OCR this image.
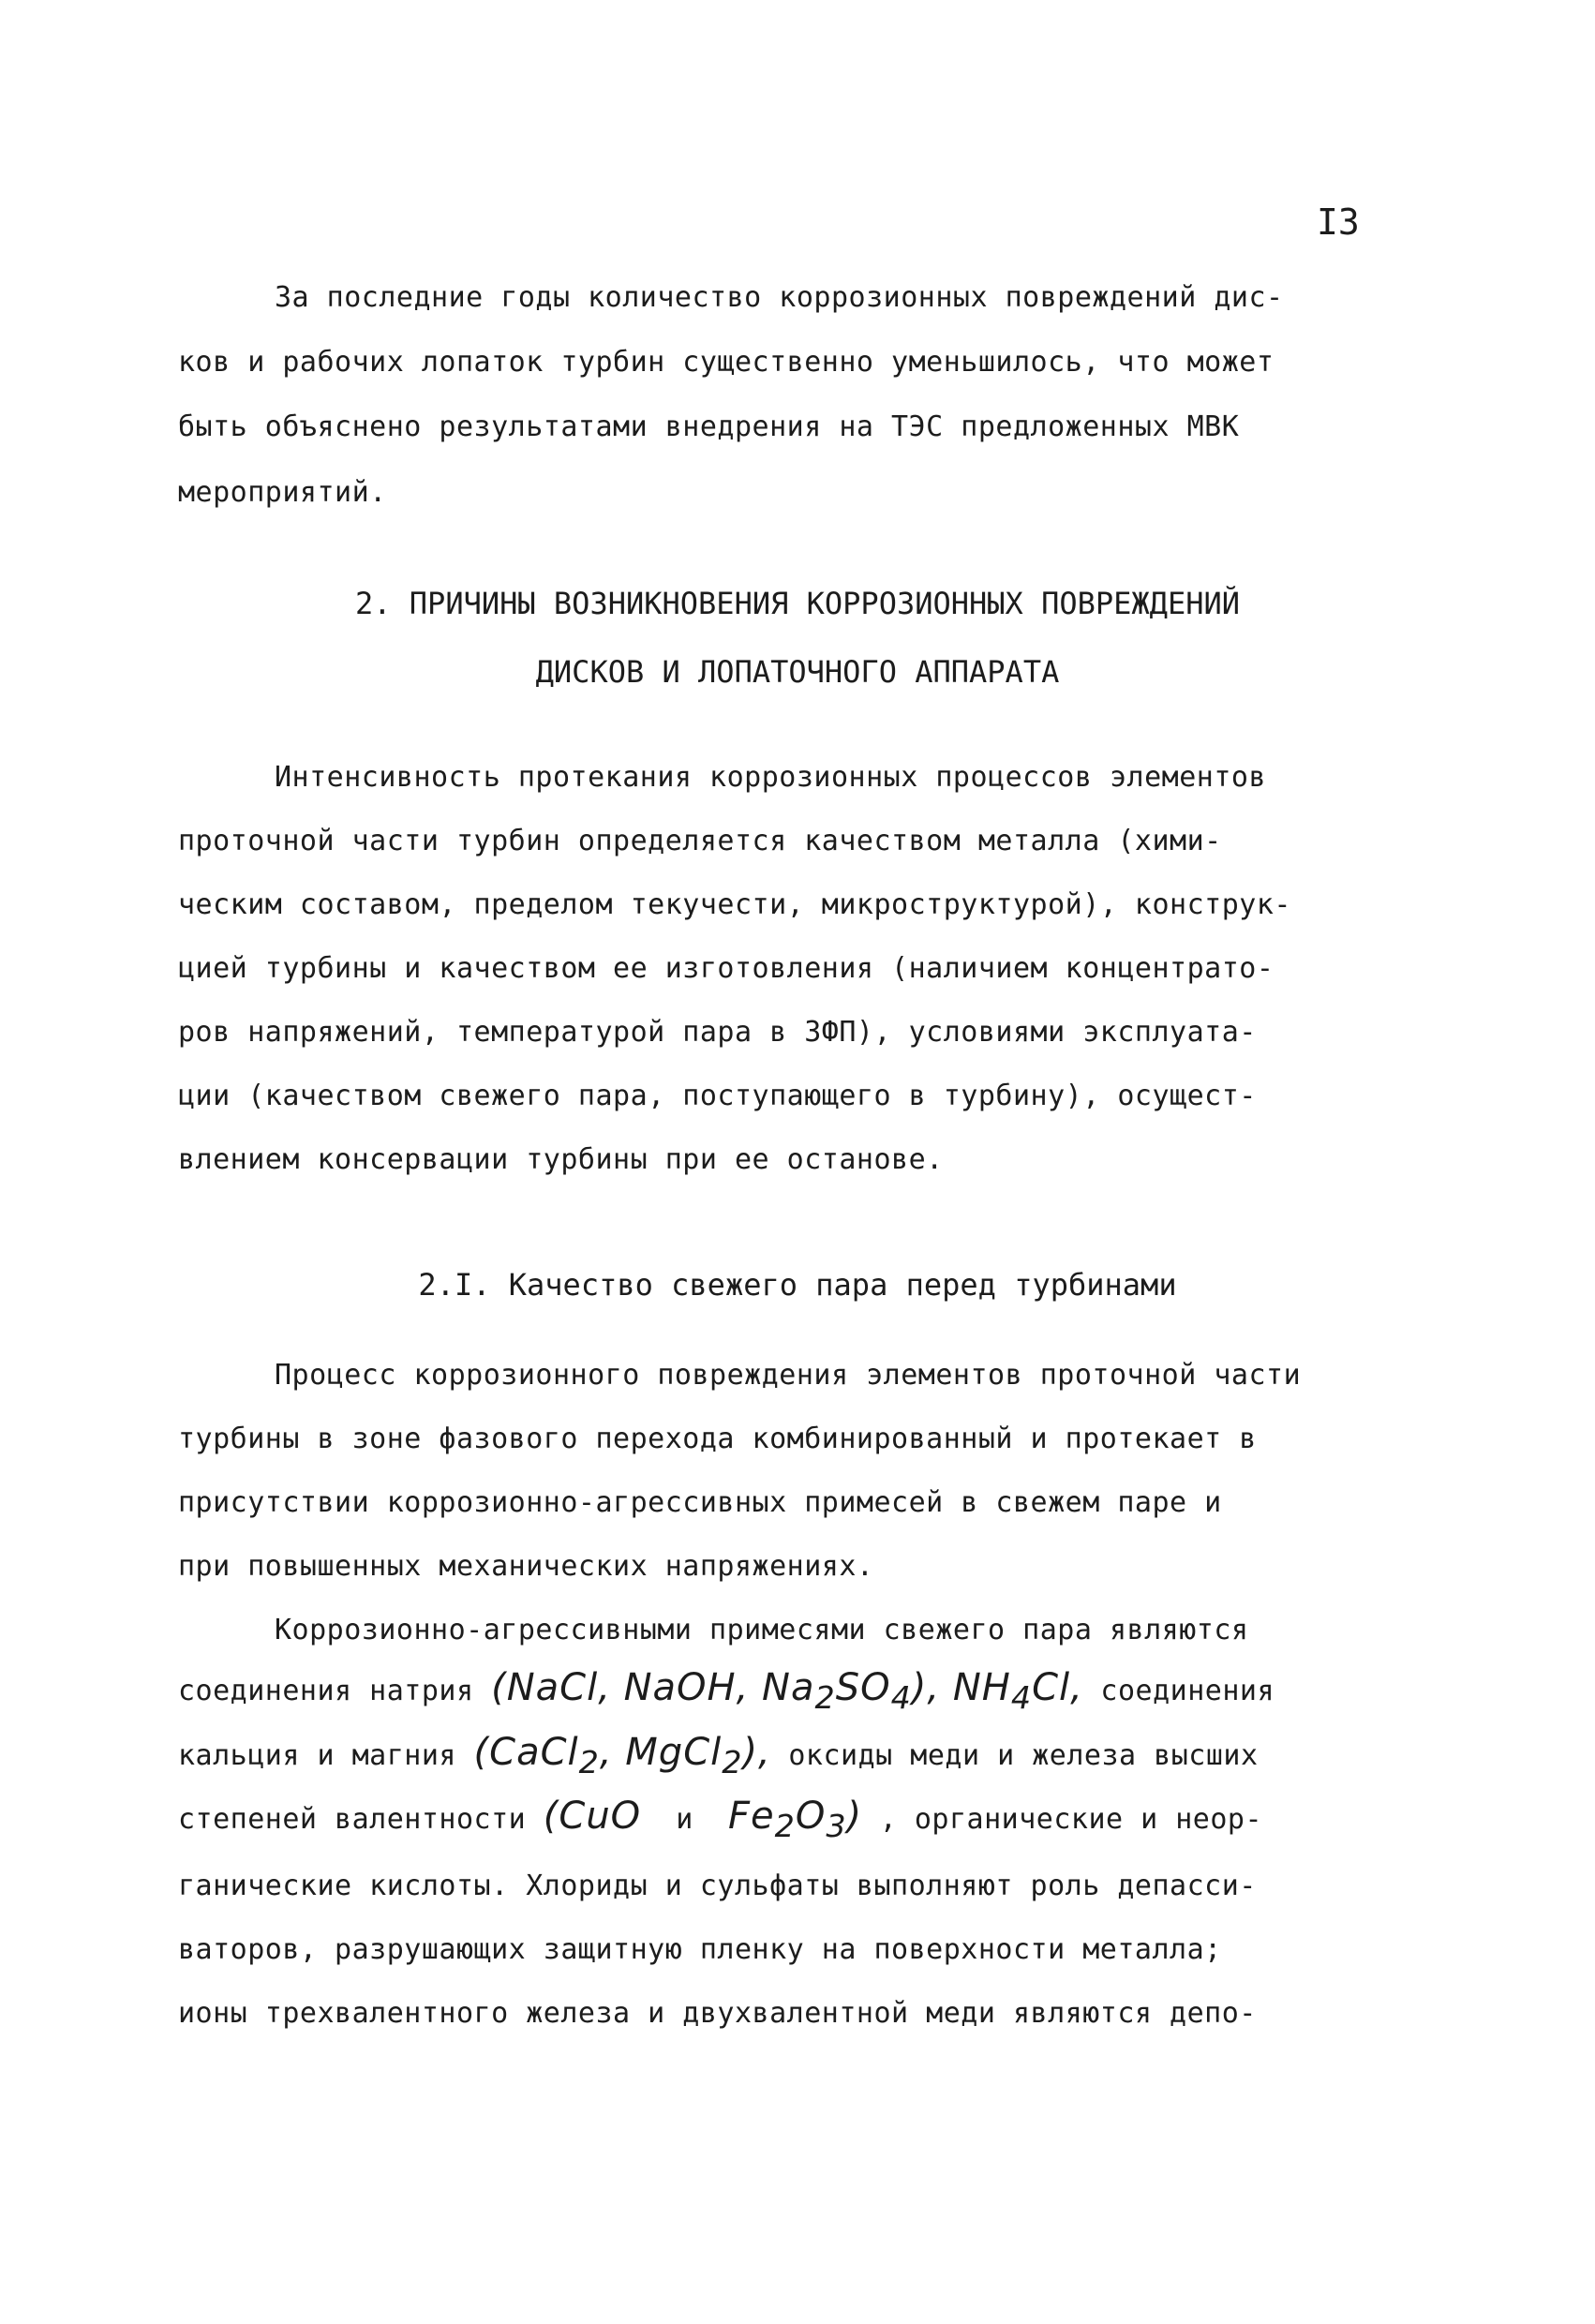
I3
За последние годы количество коррозионных повреждений дис-
ков и рабочих лопаток турбин существенно уменьшилось, что может
быть объяснено результатами внедрения на ТЭС предложенных МВК
мероприятий.
2. ПРИЧИНЫ ВОЗНИКНОВЕНИЯ КОРРОЗИОННЫХ ПОВРЕЖДЕНИЙ
ДИСКОВ И ЛОПАТОЧНОГО АППАРАТА
Интенсивность протекания коррозионных процессов элементов
проточной части турбин определяется качеством металла (хими-
ческим составом, пределом текучести, микроструктурой), конструк-
цией турбины и качеством ее изготовления (наличием концентрато-
ров напряжений, температурой пара в ЗФП), условиями эксплуата-
ции (качеством свежего пара, поступающего в турбину), осущест-
влением консервации турбины при ее останове.
2.I. Качество свежего пара перед турбинами
Процесс коррозионного повреждения элементов проточной части
турбины в зоне фазового перехода комбинированный и протекает в
присутствии коррозионно-агрессивных примесей в свежем паре и
при повышенных механических напряжениях.
Коррозионно-агрессивными примесями свежего пара являются
соединения натрия (NaCl, NaOH, $Na_2SO_4$), $NH_4Cl$, соединения
кальция и магния (CaCl$_2$, MgCl$_2$), оксиды меди и железа высших
степеней валентности (CuO  и  $Fe_2O_3$) , органические и неор-
ганические кислоты. Хлориды и сульфаты выполняют роль депасси-
ваторов, разрушающих защитную пленку на поверхности металла;
ионы трехвалентного железа и двухвалентной меди являются депо-
